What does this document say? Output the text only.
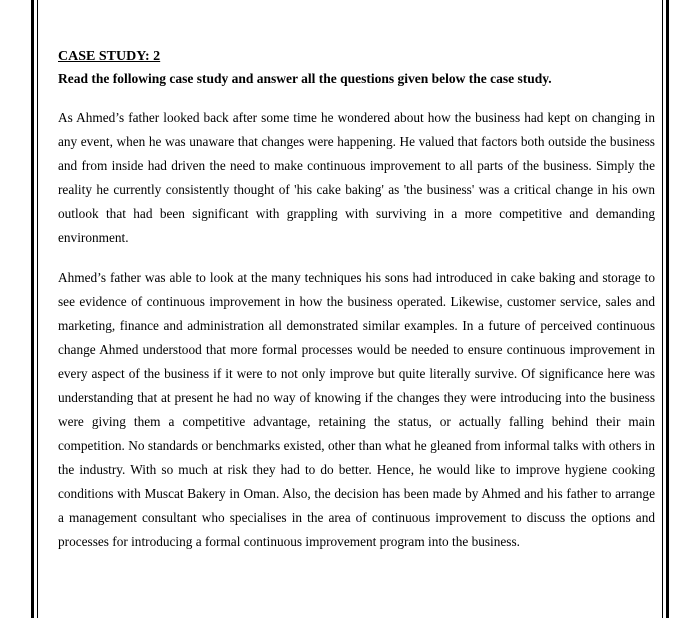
CASE STUDY: 2

Read the following case study and answer all the questions given below the case study.

As Ahmed’s father looked back after some time he wondered about how the business had kept on changing in any event, when he was unaware that changes were happening. He valued that factors both outside the business and from inside had driven the need to make continuous improvement to all parts of the business. Simply the reality he currently consistently thought of 'his cake baking' as 'the business' was a critical change in his own outlook that had been significant with grappling with surviving in a more competitive and demanding environment.

Ahmed’s father was able to look at the many techniques his sons had introduced in cake baking and storage to see evidence of continuous improvement in how the business operated. Likewise, customer service, sales and marketing, finance and administration all demonstrated similar examples. In a future of perceived continuous change Ahmed understood that more formal processes would be needed to ensure continuous improvement in every aspect of the business if it were to not only improve but quite literally survive. Of significance here was understanding that at present he had no way of knowing if the changes they were introducing into the business were giving them a competitive advantage, retaining the status, or actually falling behind their main competition. No standards or benchmarks existed, other than what he gleaned from informal talks with others in the industry. With so much at risk they had to do better. Hence, he would like to improve hygiene cooking conditions with Muscat Bakery in Oman. Also, the decision has been made by Ahmed and his father to arrange a management consultant who specialises in the area of continuous improvement to discuss the options and processes for introducing a formal continuous improvement program into the business.
